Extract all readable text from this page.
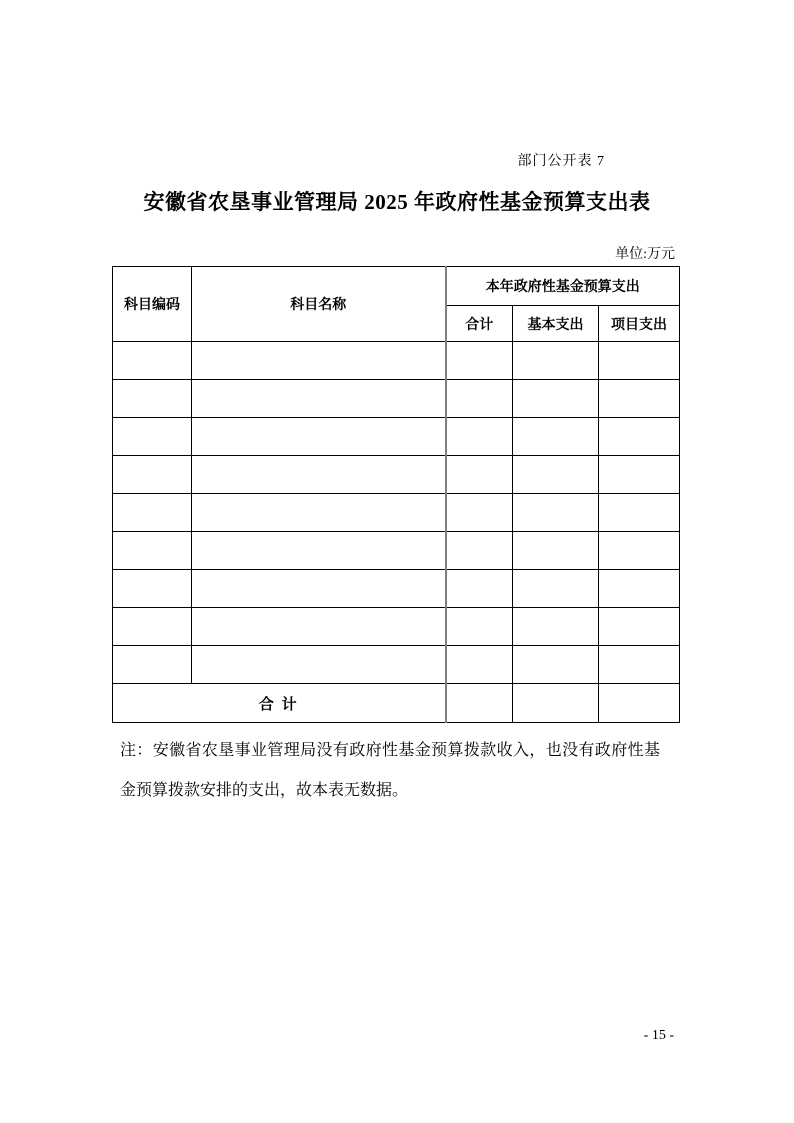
部门公开表 7
安徽省农垦事业管理局 2025 年政府性基金预算支出表
单位:万元
科目编码	科目名称	本年政府性基金预算支出		
		合计	基本支出	项目支出

合 计				

注：安徽省农垦事业管理局没有政府性基金预算拨款收入，也没有政府性基金预算拨款安排的支出，故本表无数据。

- 15 -
